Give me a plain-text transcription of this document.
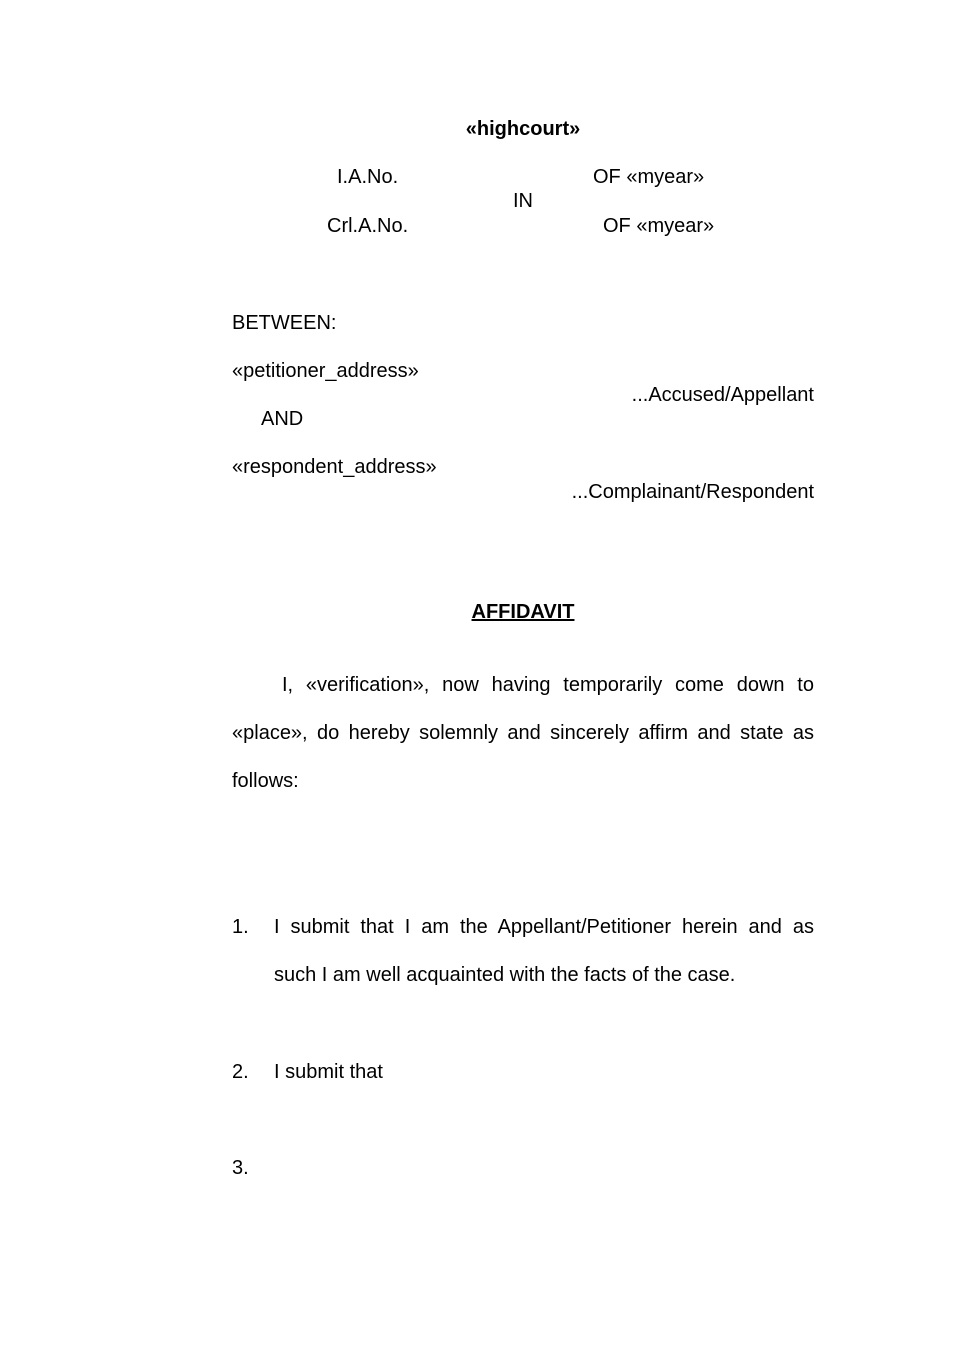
«highcourt»
I.A.No.	OF «myear»
IN
Crl.A.No.	OF «myear»
BETWEEN:
«petitioner_address»
...Accused/Appellant
AND
«respondent_address»
...Complainant/Respondent
AFFIDAVIT
I, «verification», now having temporarily come down to
«place», do hereby solemnly and sincerely affirm and state as
follows:
1. I submit that I am the Appellant/Petitioner herein and as
such I am well acquainted with the facts of the case.
2. I submit that
3.
